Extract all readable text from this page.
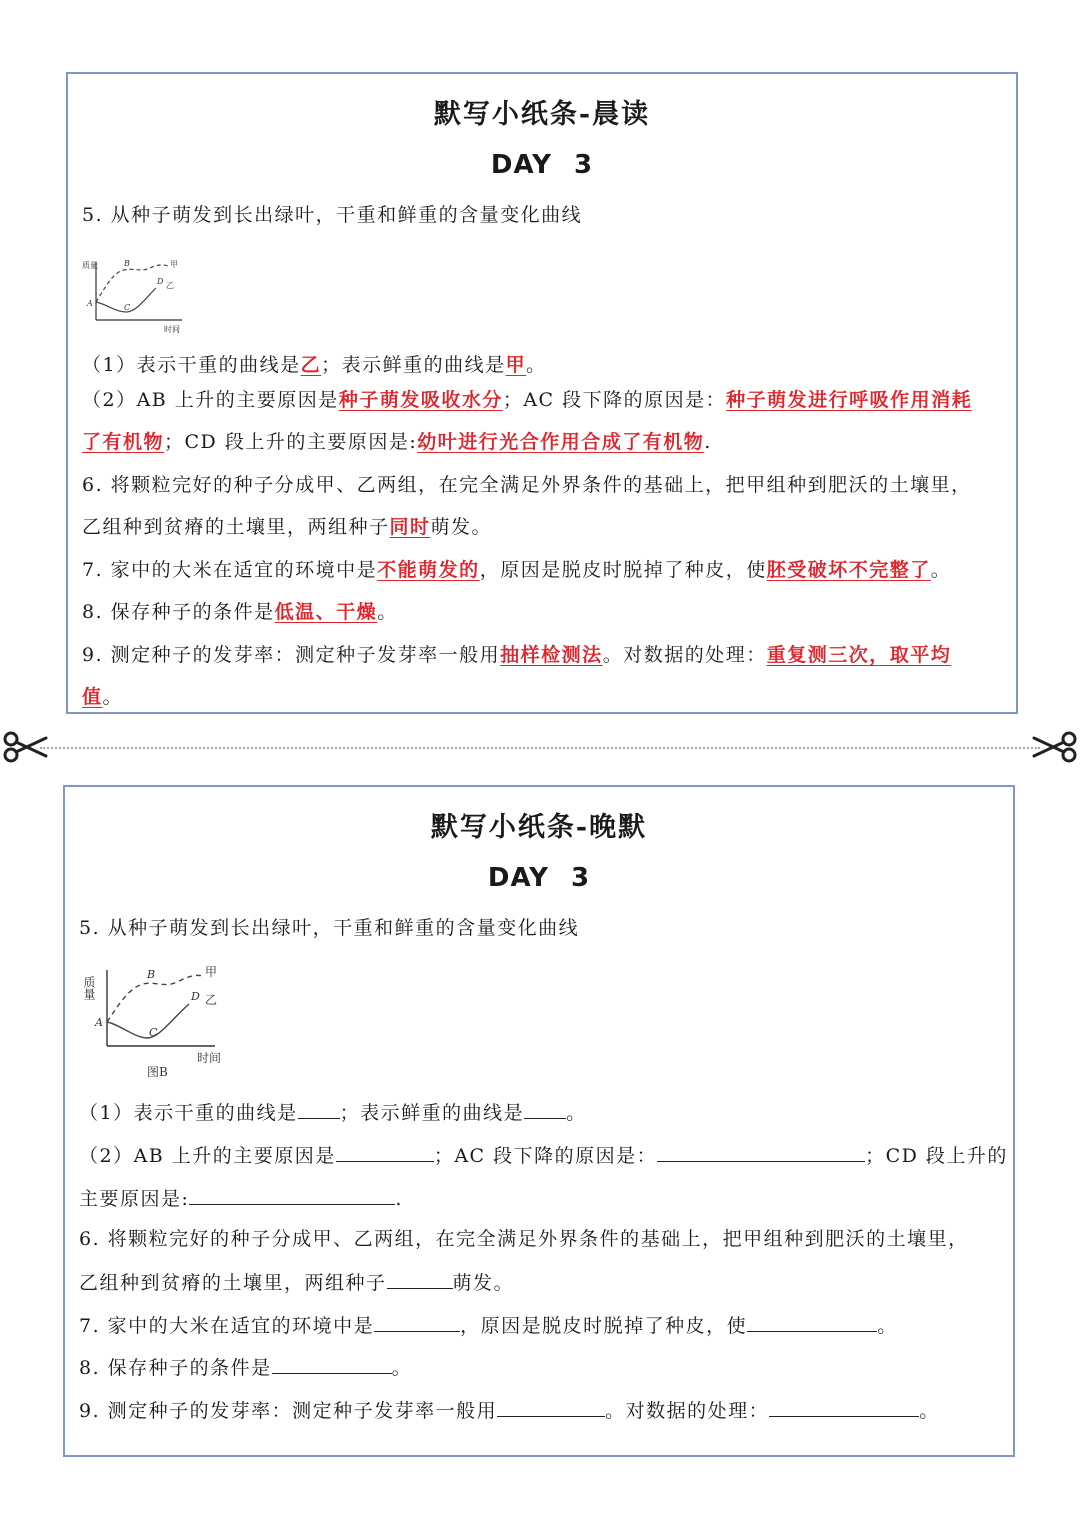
默写小纸条-晨读
DAY 3
5. 从种子萌发到长出绿叶，干重和鲜重的含量变化曲线
质量
时间
A
B
C
D
甲
乙
（1）表示干重的曲线是乙；表示鲜重的曲线是甲。
（2）AB 上升的主要原因是种子萌发吸收水分；AC 段下降的原因是：种子萌发进行呼吸作用消耗
了有机物；CD 段上升的主要原因是:幼叶进行光合作用合成了有机物.
6. 将颗粒完好的种子分成甲、乙两组，在完全满足外界条件的基础上，把甲组种到肥沃的土壤里，
乙组种到贫瘠的土壤里，两组种子同时萌发。
7. 家中的大米在适宜的环境中是不能萌发的，原因是脱皮时脱掉了种皮，使胚受破坏不完整了。
8. 保存种子的条件是低温、干燥。
9. 测定种子的发芽率：测定种子发芽率一般用抽样检测法。对数据的处理：重复测三次，取平均
值。
默写小纸条-晚默
DAY 3
5. 从种子萌发到长出绿叶，干重和鲜重的含量变化曲线
质量
时间
A
B
C
D
甲
乙
图B
（1）表示干重的曲线是 ；表示鲜重的曲线是 。
（2）AB 上升的主要原因是	；AC 段下降的原因是：	；CD 段上升的
主要原因是:	.
6. 将颗粒完好的种子分成甲、乙两组，在完全满足外界条件的基础上，把甲组种到肥沃的土壤里，
乙组种到贫瘠的土壤里，两组种子	萌发。
7. 家中的大米在适宜的环境中是	，原因是脱皮时脱掉了种皮，使	。
8. 保存种子的条件是	。
9. 测定种子的发芽率：测定种子发芽率一般用	。对数据的处理：	。
